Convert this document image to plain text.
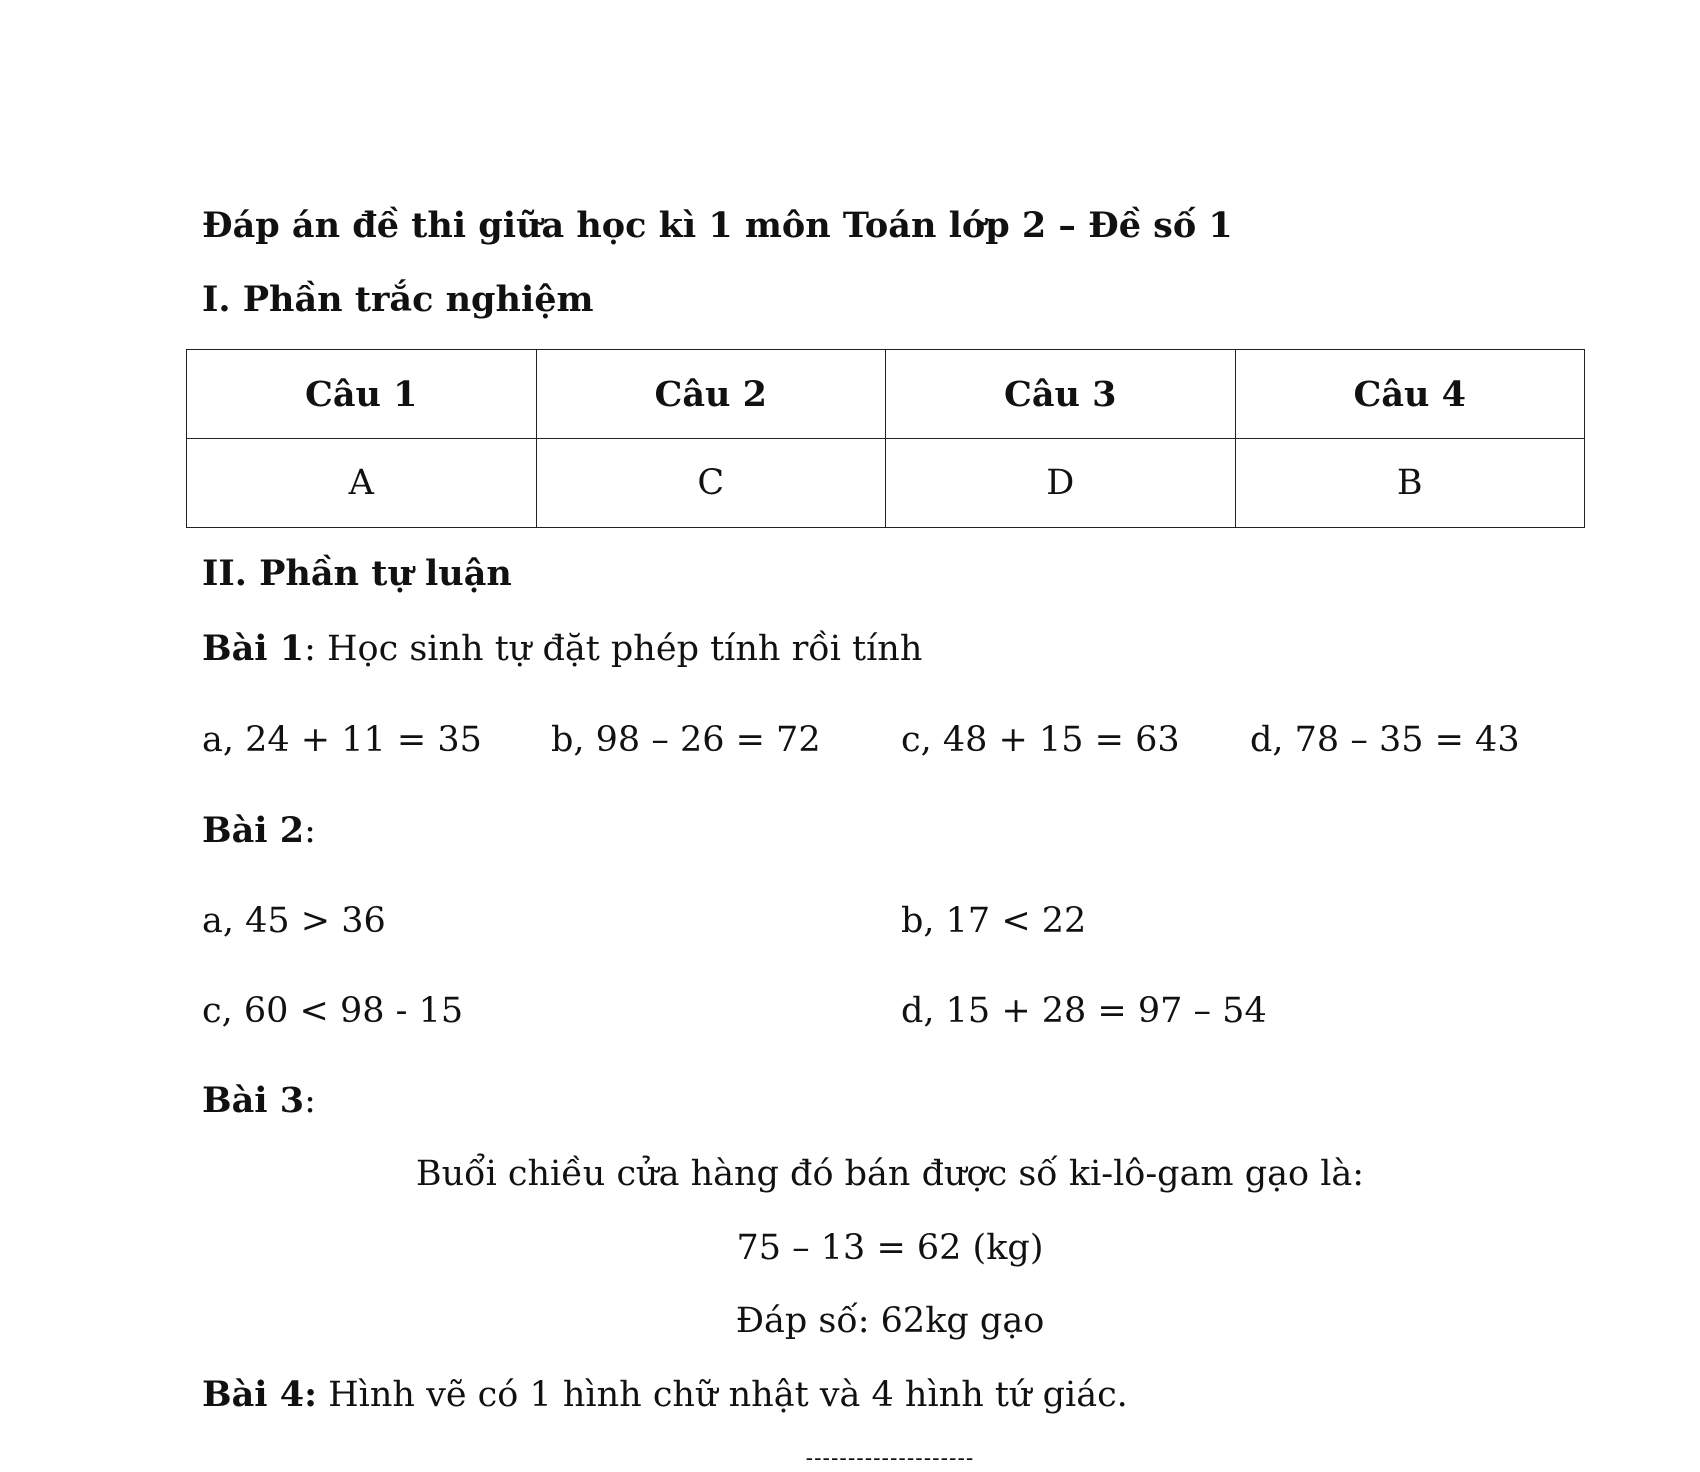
Đáp án đề thi giữa học kì 1 môn Toán lớp 2 – Đề số 1
I. Phần trắc nghiệm
Câu 1	Câu 2	Câu 3	Câu 4
A	C	D	B
II. Phần tự luận
Bài 1: Học sinh tự đặt phép tính rồi tính
a, 24 + 11 = 35 b, 98 – 26 = 72 c, 48 + 15 = 63 d, 78 – 35 = 43
Bài 2:
a, 45 > 36	b, 17 < 22
c, 60 < 98 - 15	d, 15 + 28 = 97 – 54
Bài 3:
Buổi chiều cửa hàng đó bán được số ki-lô-gam gạo là:
75 – 13 = 62 (kg)
Đáp số: 62kg gạo
Bài 4: Hình vẽ có 1 hình chữ nhật và 4 hình tứ giác.
--------------------
